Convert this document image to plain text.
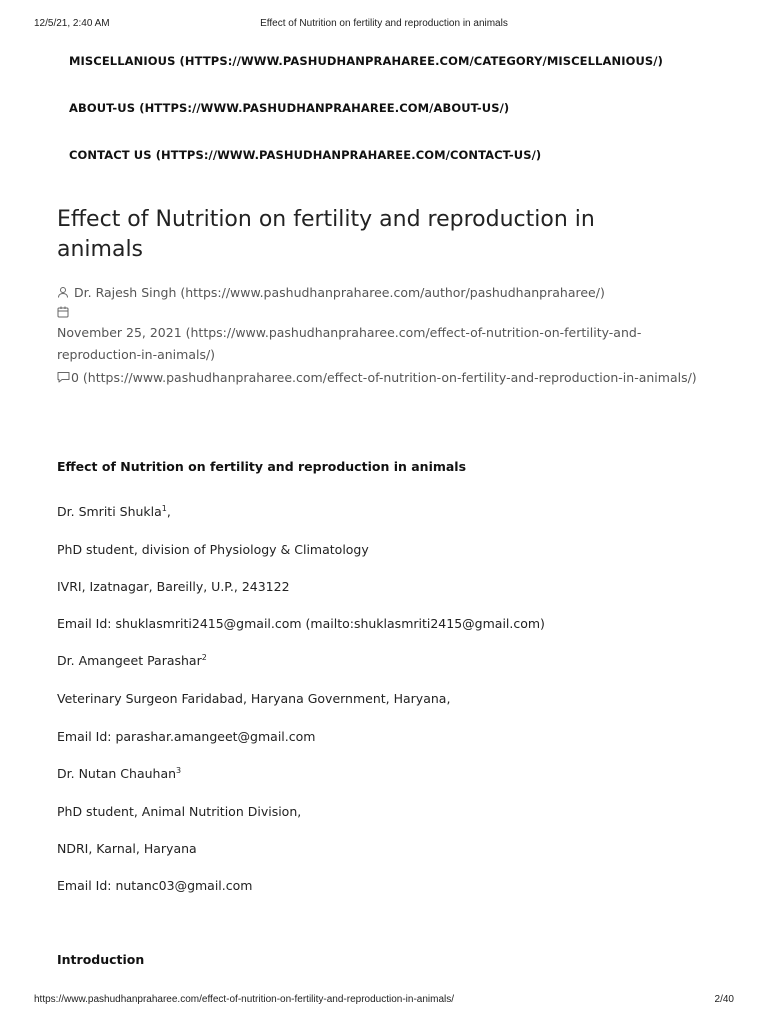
12/5/21, 2:40 AM	Effect of Nutrition on fertility and reproduction in animals
MISCELLANIOUS (HTTPS://WWW.PASHUDHANPRAHAREE.COM/CATEGORY/MISCELLANIOUS/)
ABOUT-US (HTTPS://WWW.PASHUDHANPRAHAREE.COM/ABOUT-US/)
CONTACT US (HTTPS://WWW.PASHUDHANPRAHAREE.COM/CONTACT-US/)
Effect of Nutrition on fertility and reproduction in animals
Dr. Rajesh Singh (https://www.pashudhanpraharee.com/author/pashudhanpraharee/)
November 25, 2021 (https://www.pashudhanpraharee.com/effect-of-nutrition-on-fertility-and-
reproduction-in-animals/)
0 (https://www.pashudhanpraharee.com/effect-of-nutrition-on-fertility-and-reproduction-in-animals/)
Effect of Nutrition on fertility and reproduction in animals
Dr. Smriti Shukla$^1$,
PhD student, division of Physiology & Climatology
IVRI, Izatnagar, Bareilly, U.P., 243122
Email Id: shuklasmriti2415@gmail.com (mailto:shuklasmriti2415@gmail.com)
Dr. Amangeet Parashar$^2$
Veterinary Surgeon Faridabad, Haryana Government, Haryana,
Email Id: parashar.amangeet@gmail.com
Dr. Nutan Chauhan$^3$
PhD student, Animal Nutrition Division,
NDRI, Karnal, Haryana
Email Id: nutanc03@gmail.com
Introduction
https://www.pashudhanpraharee.com/effect-of-nutrition-on-fertility-and-reproduction-in-animals/	2/40
